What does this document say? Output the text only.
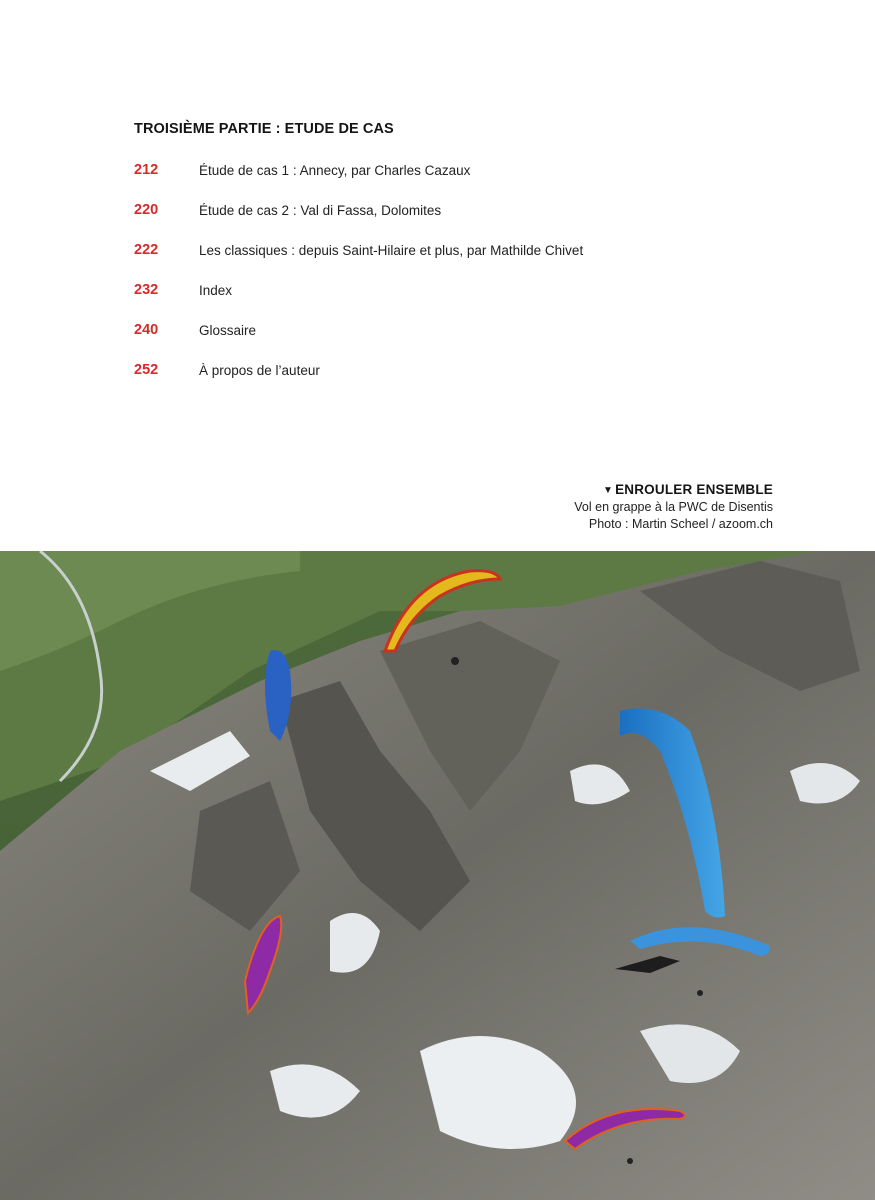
TROISIÈME PARTIE : ETUDE DE CAS
212	Étude de cas 1 : Annecy, par Charles Cazaux
220	Étude de cas 2 : Val di Fassa, Dolomites
222	Les classiques : depuis Saint-Hilaire et plus, par Mathilde Chivet
232	Index
240	Glossaire
252	À propos de l’auteur
▼ ENROULER ENSEMBLE
Vol en grappe à la PWC de Disentis
Photo : Martin Scheel / azoom.ch
